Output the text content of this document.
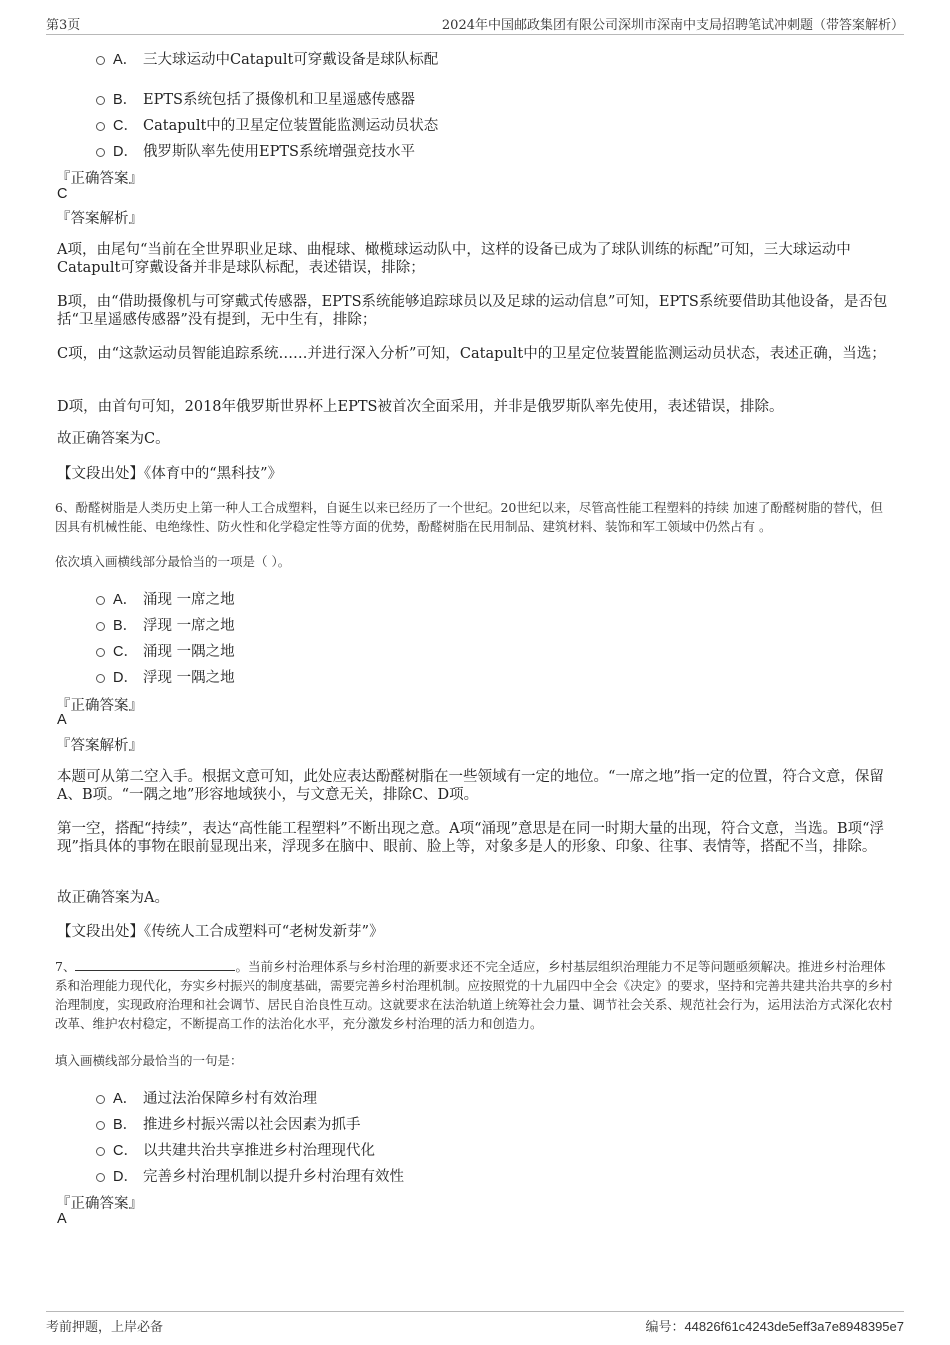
第3页	2024年中国邮政集团有限公司深圳市深南中支局招聘笔试冲刺题（带答案解析）
A． 三大球运动中Catapult可穿戴设备是球队标配
B． EPTS系统包括了摄像机和卫星遥感传感器
C． Catapult中的卫星定位装置能监测运动员状态
D． 俄罗斯队率先使用EPTS系统增强竞技水平
『正确答案』
C
『答案解析』
A项，由尾句“当前在全世界职业足球、曲棍球、橄榄球运动队中，这样的设备已成为了球队训练的标配”可知，三大球运动中Catapult可穿戴设备并非是球队标配，表述错误，排除；
B项，由“借助摄像机与可穿戴式传感器，EPTS系统能够追踪球员以及足球的运动信息”可知，EPTS系统要借助其他设备，是否包括“卫星遥感传感器”没有提到，无中生有，排除；
C项，由“这款运动员智能追踪系统……并进行深入分析”可知，Catapult中的卫星定位装置能监测运动员状态，表述正确，当选；
D项，由首句可知，2018年俄罗斯世界杯上EPTS被首次全面采用，并非是俄罗斯队率先使用，表述错误，排除。
故正确答案为C。
【文段出处】《体育中的“黑科技”》
6、酚醛树脂是人类历史上第一种人工合成塑料，自诞生以来已经历了一个世纪。20世纪以来，尽管高性能工程塑料的持续 加速了酚醛树脂的替代，但因具有机械性能、电绝缘性、防火性和化学稳定性等方面的优势，酚醛树脂在民用制品、建筑材料、装饰和军工领域中仍然占有 。
依次填入画横线部分最恰当的一项是（ ）。
A． 涌现 一席之地
B． 浮现 一席之地
C． 涌现 一隅之地
D． 浮现 一隅之地
『正确答案』
A
『答案解析』
本题可从第二空入手。根据文意可知，此处应表达酚醛树脂在一些领域有一定的地位。“一席之地”指一定的位置，符合文意，保留A、B项。“一隅之地”形容地域狭小，与文意无关，排除C、D项。
第一空，搭配“持续”，表达“高性能工程塑料”不断出现之意。A项“涌现”意思是在同一时期大量的出现，符合文意，当选。B项“浮现”指具体的事物在眼前显现出来，浮现多在脑中、眼前、脸上等，对象多是人的形象、印象、往事、表情等，搭配不当，排除。
故正确答案为A。
【文段出处】《传统人工合成塑料可“老树发新芽”》
7、	。当前乡村治理体系与乡村治理的新要求还不完全适应，乡村基层组织治理能力不足等问题亟须解决。推进乡村治理体系和治理能力现代化，夯实乡村振兴的制度基础，需要完善乡村治理机制。应按照党的十九届四中全会《决定》的要求，坚持和完善共建共治共享的乡村治理制度，实现政府治理和社会调节、居民自治良性互动。这就要求在法治轨道上统筹社会力量、调节社会关系、规范社会行为，运用法治方式深化农村改革、维护农村稳定，不断提高工作的法治化水平，充分激发乡村治理的活力和创造力。
填入画横线部分最恰当的一句是：
A． 通过法治保障乡村有效治理
B． 推进乡村振兴需以社会因素为抓手
C． 以共建共治共享推进乡村治理现代化
D． 完善乡村治理机制以提升乡村治理有效性
『正确答案』
A
考前押题，上岸必备	编号：44826f61c4243de5eff3a7e8948395e7
